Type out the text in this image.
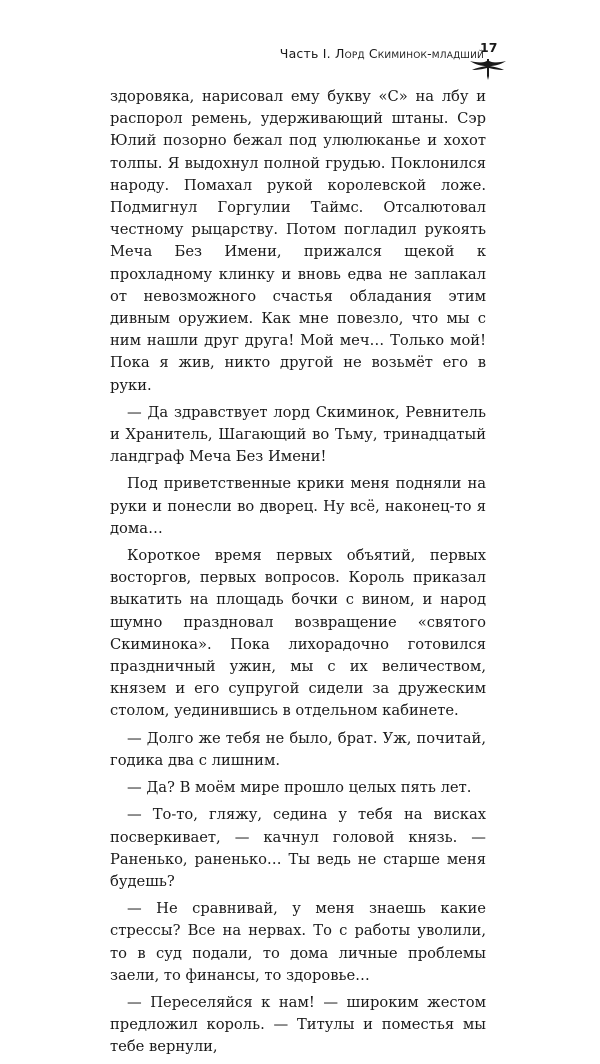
Часть I. Лорд Скиминок-младший
17

здоровяка, нарисовал ему букву «С» на лбу и распорол ремень, удерживающий штаны. Сэр Юлий позорно бежал под улюлюканье и хохот толпы. Я выдохнул полной грудью. Поклонился народу. Помахал рукой королевской ложе. Подмигнул Горгулии Таймс. Отсалютовал честному рыцарству. Потом погладил рукоять Меча Без Имени, прижался щекой к прохладному клинку и вновь едва не заплакал от невозможного счастья обладания этим дивным оружием. Как мне повезло, что мы с ним нашли друг друга! Мой меч… Только мой! Пока я жив, никто другой не возьмёт его в руки.

— Да здравствует лорд Скиминок, Ревнитель и Хранитель, Шагающий во Тьму, тринадцатый ландграф Меча Без Имени!

Под приветственные крики меня подняли на руки и понесли во дворец. Ну всё, наконец-то я дома…

Короткое время первых объятий, первых восторгов, первых вопросов. Король приказал выкатить на площадь бочки с вином, и народ шумно праздновал возвращение «святого Скиминока». Пока лихорадочно готовился праздничный ужин, мы с их величеством, князем и его супругой сидели за дружеским столом, уединившись в отдельном кабинете.

— Долго же тебя не было, брат. Уж, почитай, годика два с лишним.

— Да? В моём мире прошло целых пять лет.

— То-то, гляжу, седина у тебя на висках посверкивает, — качнул головой князь. — Раненько, раненько… Ты ведь не старше меня будешь?

— Не сравнивай, у меня знаешь какие стрессы? Все на нервах. То с работы уволили, то в суд подали, то домa личные проблемы заели, то финансы, то здоровье…

— Переселяйся к нам! — широким жестом предложил король. — Титулы и поместья мы тебе вернули,
